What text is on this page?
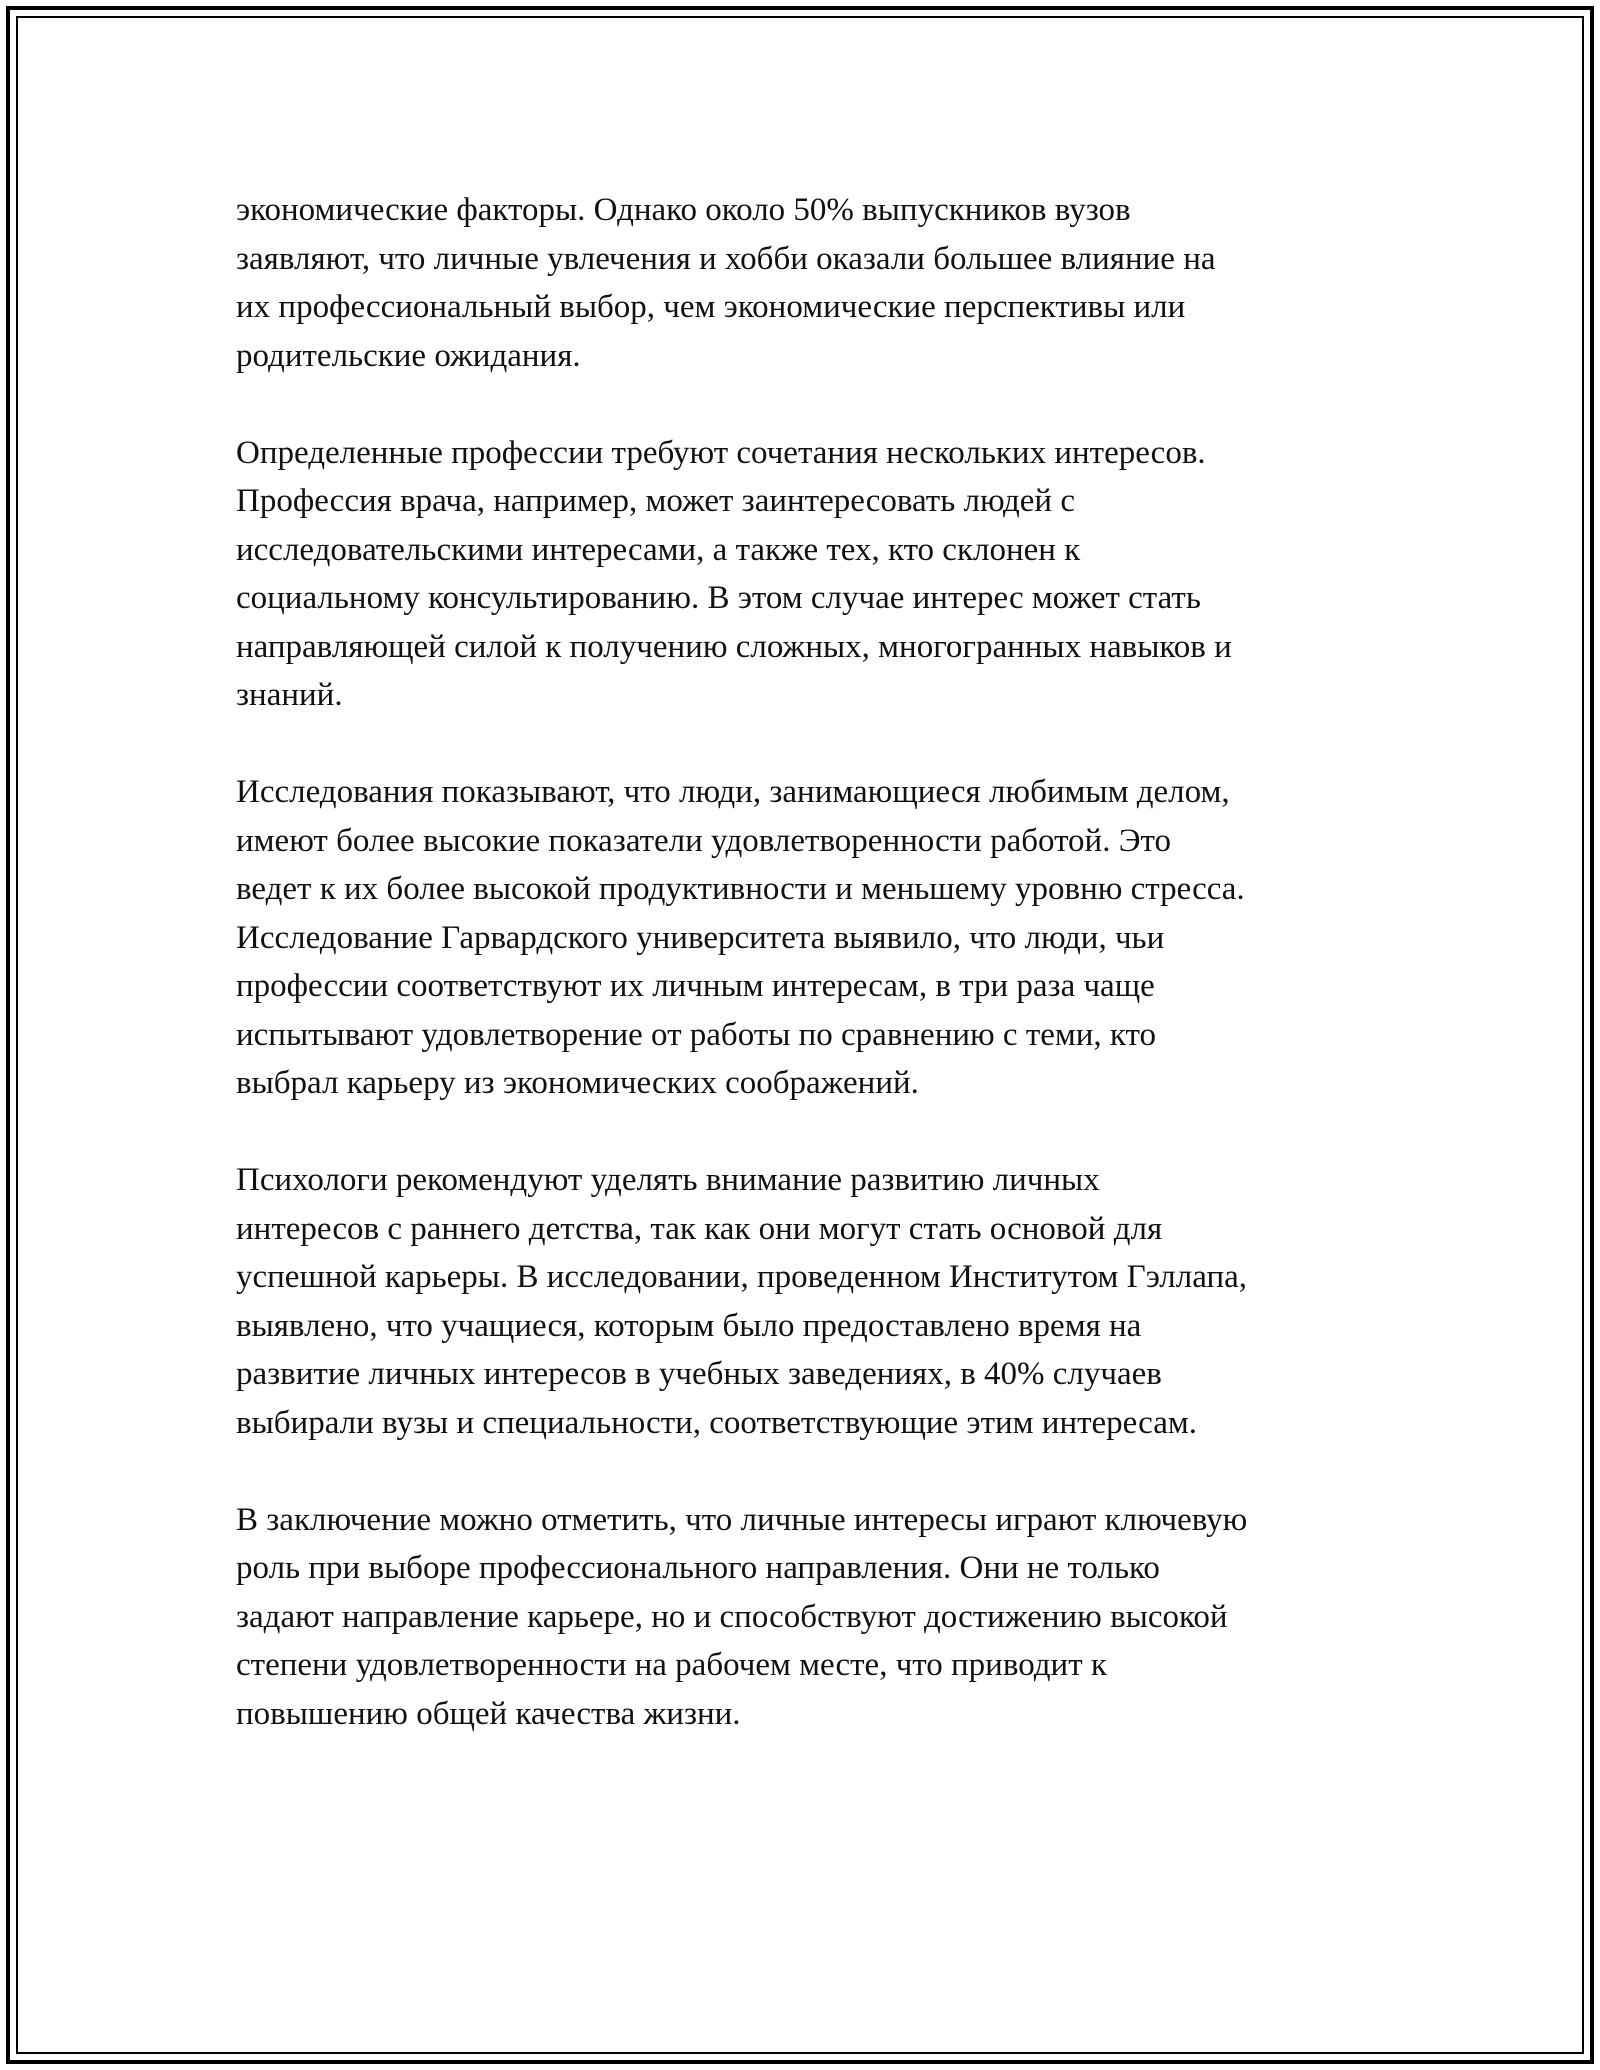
экономические факторы. Однако около 50% выпускников вузов
заявляют, что личные увлечения и хобби оказали большее влияние на
их профессиональный выбор, чем экономические перспективы или
родительские ожидания.

Определенные профессии требуют сочетания нескольких интересов.
Профессия врача, например, может заинтересовать людей с
исследовательскими интересами, а также тех, кто склонен к
социальному консультированию. В этом случае интерес может стать
направляющей силой к получению сложных, многогранных навыков и
знаний.

Исследования показывают, что люди, занимающиеся любимым делом,
имеют более высокие показатели удовлетворенности работой. Это
ведет к их более высокой продуктивности и меньшему уровню стресса.
Исследование Гарвардского университета выявило, что люди, чьи
профессии соответствуют их личным интересам, в три раза чаще
испытывают удовлетворение от работы по сравнению с теми, кто
выбрал карьеру из экономических соображений.

Психологи рекомендуют уделять внимание развитию личных
интересов с раннего детства, так как они могут стать основой для
успешной карьеры. В исследовании, проведенном Институтом Гэллапа,
выявлено, что учащиеся, которым было предоставлено время на
развитие личных интересов в учебных заведениях, в 40% случаев
выбирали вузы и специальности, соответствующие этим интересам.

В заключение можно отметить, что личные интересы играют ключевую
роль при выборе профессионального направления. Они не только
задают направление карьере, но и способствуют достижению высокой
степени удовлетворенности на рабочем месте, что приводит к
повышению общей качества жизни.
